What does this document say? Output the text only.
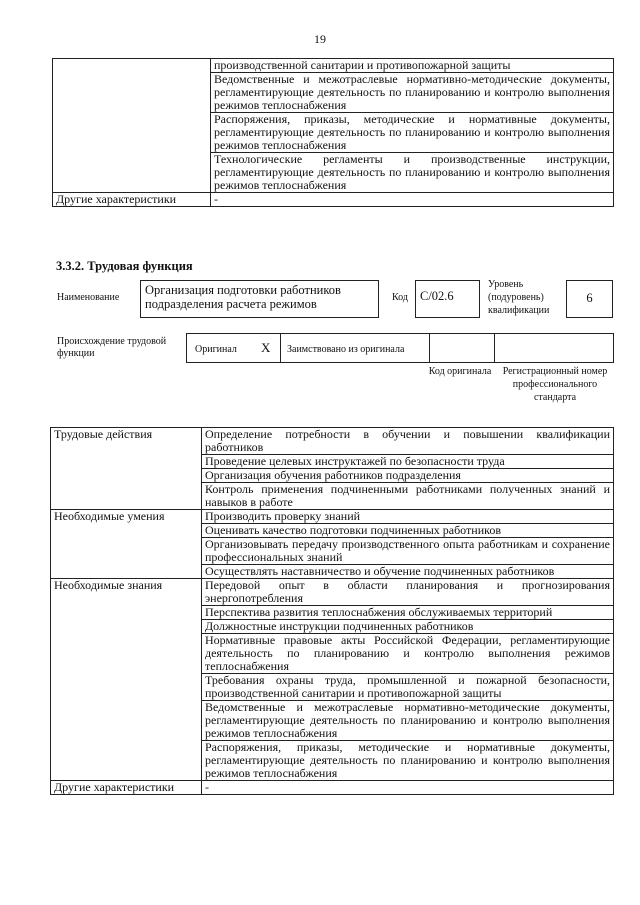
19
	производственной санитарии и противопожарной защиты
	Ведомственные и межотраслевые нормативно-методические документы, регламентирующие деятельность по планированию и контролю выполнения режимов теплоснабжения
	Распоряжения, приказы, методические и нормативные документы, регламентирующие деятельность по планированию и контролю выполнения режимов теплоснабжения
	Технологические регламенты и производственные инструкции, регламентирующие деятельность по планированию и контролю выполнения режимов теплоснабжения
Другие характеристики	-
3.3.2. Трудовая функция
Наименование
Организация подготовки работников подразделения расчета режимов	Код С/02.6
Уровень (подуровень) квалификации
6
Происхождение трудовой функции	Оригинал X Заимствовано из оригинала
Код оригинала	Регистрационный номер профессионального стандарта
Трудовые действия	Определение потребности в обучении и повышении квалификации работников
	Проведение целевых инструктажей по безопасности труда
	Организация обучения работников подразделения
	Контроль применения подчиненными работниками полученных знаний и навыков в работе
Необходимые умения	Производить проверку знаний
	Оценивать качество подготовки подчиненных работников
	Организовывать передачу производственного опыта работникам и сохранение профессиональных знаний
	Осуществлять наставничество и обучение подчиненных работников
Необходимые знания	Передовой опыт в области планирования и прогнозирования энергопотребления
	Перспектива развития теплоснабжения обслуживаемых территорий
	Должностные инструкции подчиненных работников
	Нормативные правовые акты Российской Федерации, регламентирующие деятельность по планированию и контролю выполнения режимов теплоснабжения
	Требования охраны труда, промышленной и пожарной безопасности, производственной санитарии и противопожарной защиты
	Ведомственные и межотраслевые нормативно-методические документы, регламентирующие деятельность по планированию и контролю выполнения режимов теплоснабжения
	Распоряжения, приказы, методические и нормативные документы, регламентирующие деятельность по планированию и контролю выполнения режимов теплоснабжения
Другие характеристики	-
